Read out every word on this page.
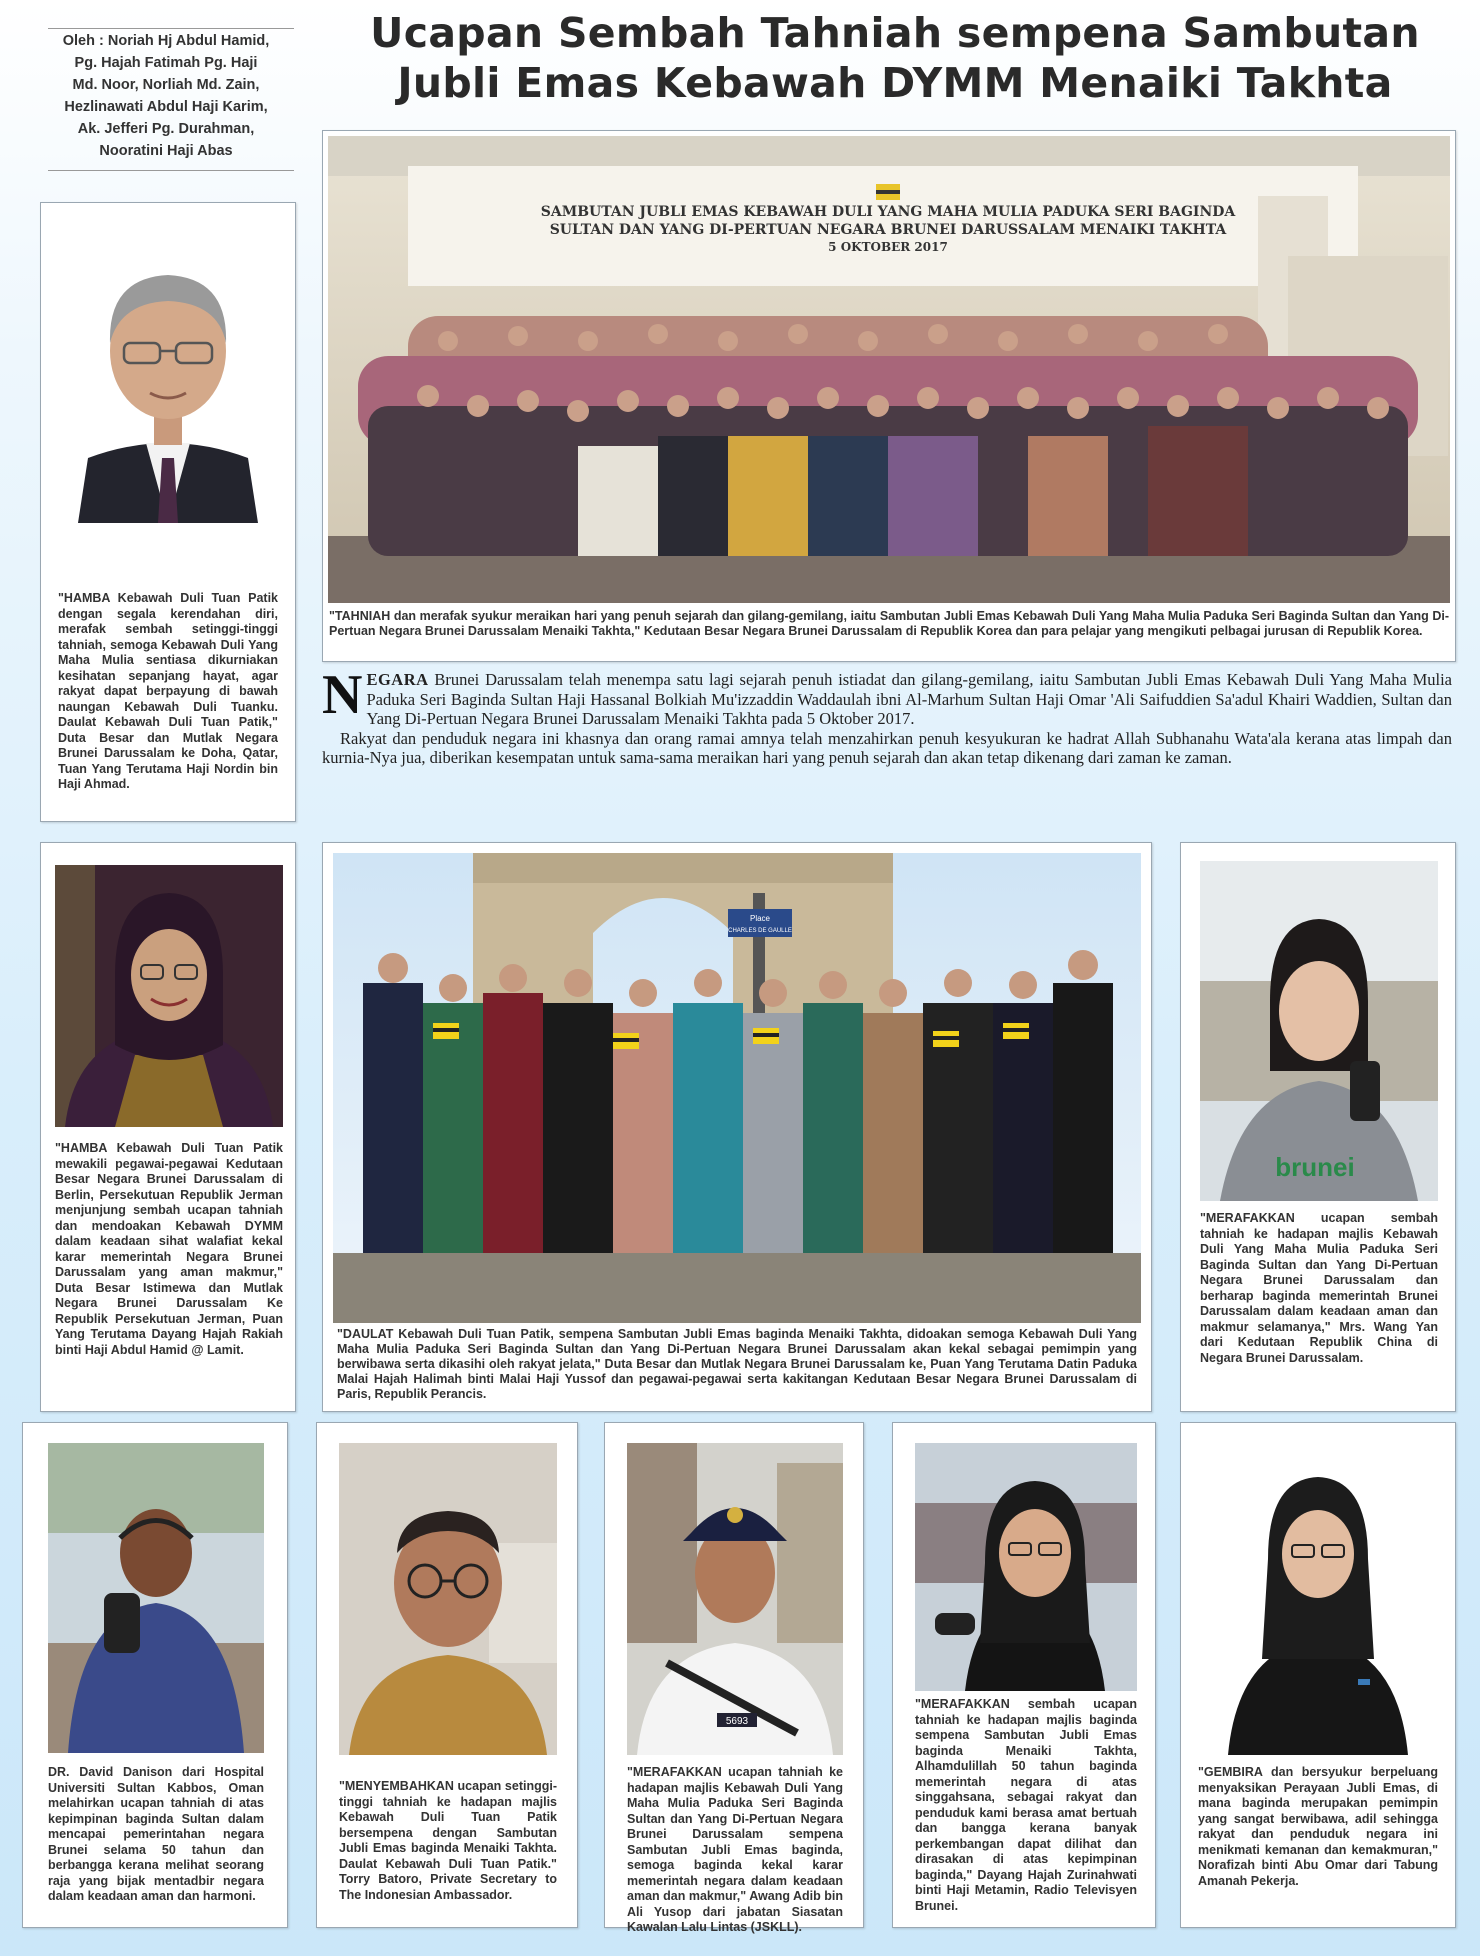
Oleh : Noriah Hj Abdul Hamid,
Pg. Hajah Fatimah Pg. Haji
Md. Noor, Norliah Md. Zain,
Hezlinawati Abdul Haji Karim,
Ak. Jefferi Pg. Durahman,
Nooratini Haji Abas
Ucapan Sembah Tahniah sempena Sambutan
Jubli Emas Kebawah DYMM Menaiki Takhta
"HAMBA Kebawah Duli Tuan Patik dengan segala kerendahan diri, merafak sembah setinggi-tinggi tahniah, semoga Kebawah Duli Yang Maha Mulia sentiasa dikurniakan kesihatan sepanjang hayat, agar rakyat dapat berpayung di bawah naungan Kebawah Duli Tuanku. Daulat Kebawah Duli Tuan Patik," Duta Besar dan Mutlak Negara Brunei Darussalam ke Doha, Qatar, Tuan Yang Terutama Haji Nordin bin Haji Ahmad.
SAMBUTAN JUBLI EMAS KEBAWAH DULI YANG MAHA MULIA PADUKA SERI BAGINDA
SULTAN DAN YANG DI-PERTUAN NEGARA BRUNEI DARUSSALAM MENAIKI TAKHTA
5 OKTOBER 2017
"TAHNIAH dan merafak syukur meraikan hari yang penuh sejarah dan gilang-gemilang, iaitu Sambutan Jubli Emas Kebawah Duli Yang Maha Mulia Paduka Seri Baginda Sultan dan Yang Di-Pertuan Negara Brunei Darussalam Menaiki Takhta," Kedutaan Besar Negara Brunei Darussalam di Republik Korea dan para pelajar yang mengikuti pelbagai jurusan di Republik Korea.

NEGARA Brunei Darussalam telah menempa satu lagi sejarah penuh istiadat dan gilang-gemilang, iaitu Sambutan Jubli Emas Kebawah Duli Yang Maha Mulia Paduka Seri Baginda Sultan Haji Hassanal Bolkiah Mu'izzaddin Waddaulah ibni Al-Marhum Sultan Haji Omar 'Ali Saifuddien Sa'adul Khairi Waddien, Sultan dan Yang Di-Pertuan Negara Brunei Darussalam Menaiki Takhta pada 5 Oktober 2017.

Rakyat dan penduduk negara ini khasnya dan orang ramai amnya telah menzahirkan penuh kesyukuran ke hadrat Allah Subhanahu Wata'ala kerana atas limpah dan kurnia-Nya jua, diberikan kesempatan untuk sama-sama meraikan hari yang penuh sejarah dan akan tetap dikenang dari zaman ke zaman.

"HAMBA Kebawah Duli Tuan Patik mewakili pegawai-pegawai Kedutaan Besar Negara Brunei Darussalam di Berlin, Persekutuan Republik Jerman menjunjung sembah ucapan tahniah dan mendoakan Kebawah DYMM dalam keadaan sihat walafiat kekal karar memerintah Negara Brunei Darussalam yang aman makmur," Duta Besar Istimewa dan Mutlak Negara Brunei Darussalam Ke Republik Persekutuan Jerman, Puan Yang Terutama Dayang Hajah Rakiah binti Haji Abdul Hamid @ Lamit.
Place
CHARLES DE GAULLE
"DAULAT Kebawah Duli Tuan Patik, sempena Sambutan Jubli Emas baginda Menaiki Takhta, didoakan semoga Kebawah Duli Yang Maha Mulia Paduka Seri Baginda Sultan dan Yang Di-Pertuan Negara Brunei Darussalam akan kekal sebagai pemimpin yang berwibawa serta dikasihi oleh rakyat jelata," Duta Besar dan Mutlak Negara Brunei Darussalam ke, Puan Yang Terutama Datin Paduka Malai Hajah Halimah binti Malai Haji Yussof dan pegawai-pegawai serta kakitangan Kedutaan Besar Negara Brunei Darussalam di Paris, Republik Perancis.
brunei
"MERAFAKKAN ucapan sembah tahniah ke hadapan majlis Kebawah Duli Yang Maha Mulia Paduka Seri Baginda Sultan dan Yang Di-Pertuan Negara Brunei Darussalam dan berharap baginda memerintah Brunei Darussalam dalam keadaan aman dan makmur selamanya," Mrs. Wang Yan dari Kedutaan Republik China di Negara Brunei Darussalam.
DR. David Danison dari Hospital Universiti Sultan Kabbos, Oman melahirkan ucapan tahniah di atas kepimpinan baginda Sultan dalam mencapai pemerintahan negara Brunei selama 50 tahun dan berbangga kerana melihat seorang raja yang bijak mentadbir negara dalam keadaan aman dan harmoni.
"MENYEMBAHKAN ucapan setinggi-tinggi tahniah ke hadapan majlis Kebawah Duli Tuan Patik bersempena dengan Sambutan Jubli Emas baginda Menaiki Takhta. Daulat Kebawah Duli Tuan Patik." Torry Batoro, Private Secretary to The Indonesian Ambassador.
5693
"MERAFAKKAN ucapan tahniah ke hadapan majlis Kebawah Duli Yang Maha Mulia Paduka Seri Baginda Sultan dan Yang Di-Pertuan Negara Brunei Darussalam sempena Sambutan Jubli Emas baginda, semoga baginda kekal karar memerintah negara dalam keadaan aman dan makmur," Awang Adib bin Ali Yusop dari jabatan Siasatan Kawalan Lalu Lintas (JSKLL).
"MERAFAKKAN sembah ucapan tahniah ke hadapan majlis baginda sempena Sambutan Jubli Emas baginda Menaiki Takhta, Alhamdulillah 50 tahun baginda memerintah negara di atas singgahsana, sebagai rakyat dan penduduk kami berasa amat bertuah dan bangga kerana banyak perkembangan dapat dilihat dan dirasakan di atas kepimpinan baginda," Dayang Hajah Zurinahwati binti Haji Metamin, Radio Televisyen Brunei.
"GEMBIRA dan bersyukur berpeluang menyaksikan Perayaan Jubli Emas, di mana baginda merupakan pemimpin yang sangat berwibawa, adil sehingga rakyat dan penduduk negara ini menikmati kemanan dan kemakmuran," Norafizah binti Abu Omar dari Tabung Amanah Pekerja.
